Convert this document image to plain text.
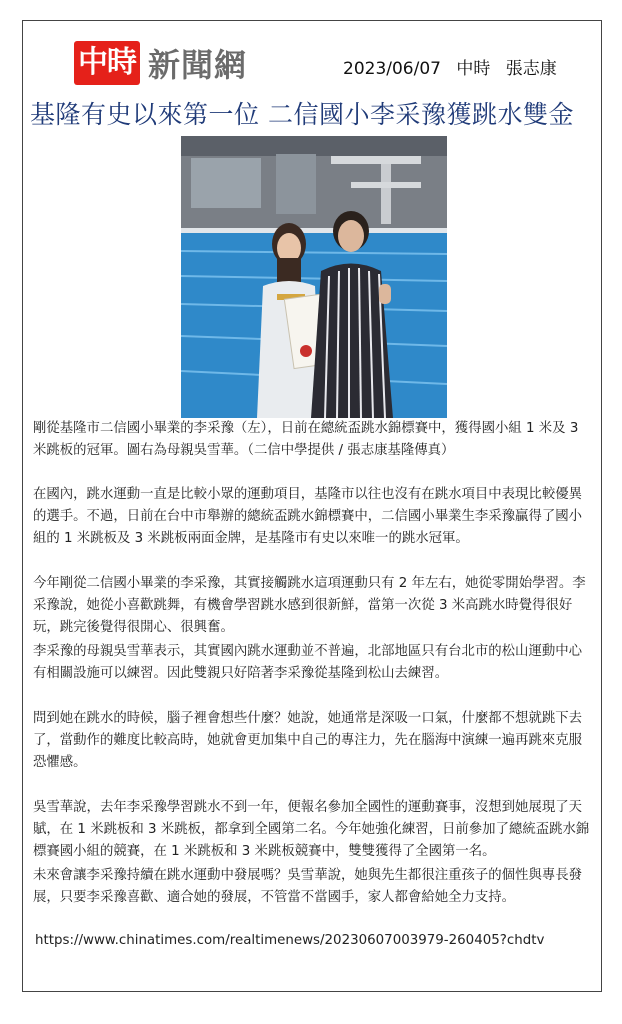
中時 新聞網	2023/06/07 中時 張志康
基隆有史以來第一位 二信國小李采豫獲跳水雙金
剛從基隆市二信國小畢業的李采豫（左），日前在總統盃跳水錦標賽中，獲得國小組 1 米及 3 米跳板的冠軍。圖右為母親吳雪華。（二信中學提供 / 張志康基隆傳真）
在國內，跳水運動一直是比較小眾的運動項目，基隆市以往也沒有在跳水項目中表現比較優異的選手。不過，日前在台中市舉辦的總統盃跳水錦標賽中，二信國小畢業生李采豫贏得了國小組的 1 米跳板及 3 米跳板兩面金牌，是基隆市有史以來唯一的跳水冠軍。
今年剛從二信國小畢業的李采豫，其實接觸跳水這項運動只有 2 年左右，她從零開始學習。李采豫說，她從小喜歡跳舞，有機會學習跳水感到很新鮮，當第一次從 3 米高跳水時覺得很好玩，跳完後覺得很開心、很興奮。
李采豫的母親吳雪華表示，其實國內跳水運動並不普遍，北部地區只有台北市的松山運動中心有相關設施可以練習。因此雙親只好陪著李采豫從基隆到松山去練習。
問到她在跳水的時候，腦子裡會想些什麼？她說，她通常是深吸一口氣，什麼都不想就跳下去了，當動作的難度比較高時，她就會更加集中自己的專注力，先在腦海中演練一遍再跳來克服恐懼感。
吳雪華說，去年李采豫學習跳水不到一年，便報名參加全國性的運動賽事，沒想到她展現了天賦，在 1 米跳板和 3 米跳板，都拿到全國第二名。今年她強化練習，日前參加了總統盃跳水錦標賽國小組的競賽，在 1 米跳板和 3 米跳板競賽中，雙雙獲得了全國第一名。
未來會讓李采豫持續在跳水運動中發展嗎？吳雪華說，她與先生都很注重孩子的個性與專長發展，只要李采豫喜歡、適合她的發展，不管當不當國手，家人都會給她全力支持。
https://www.chinatimes.com/realtimenews/20230607003979-260405?chdtv
